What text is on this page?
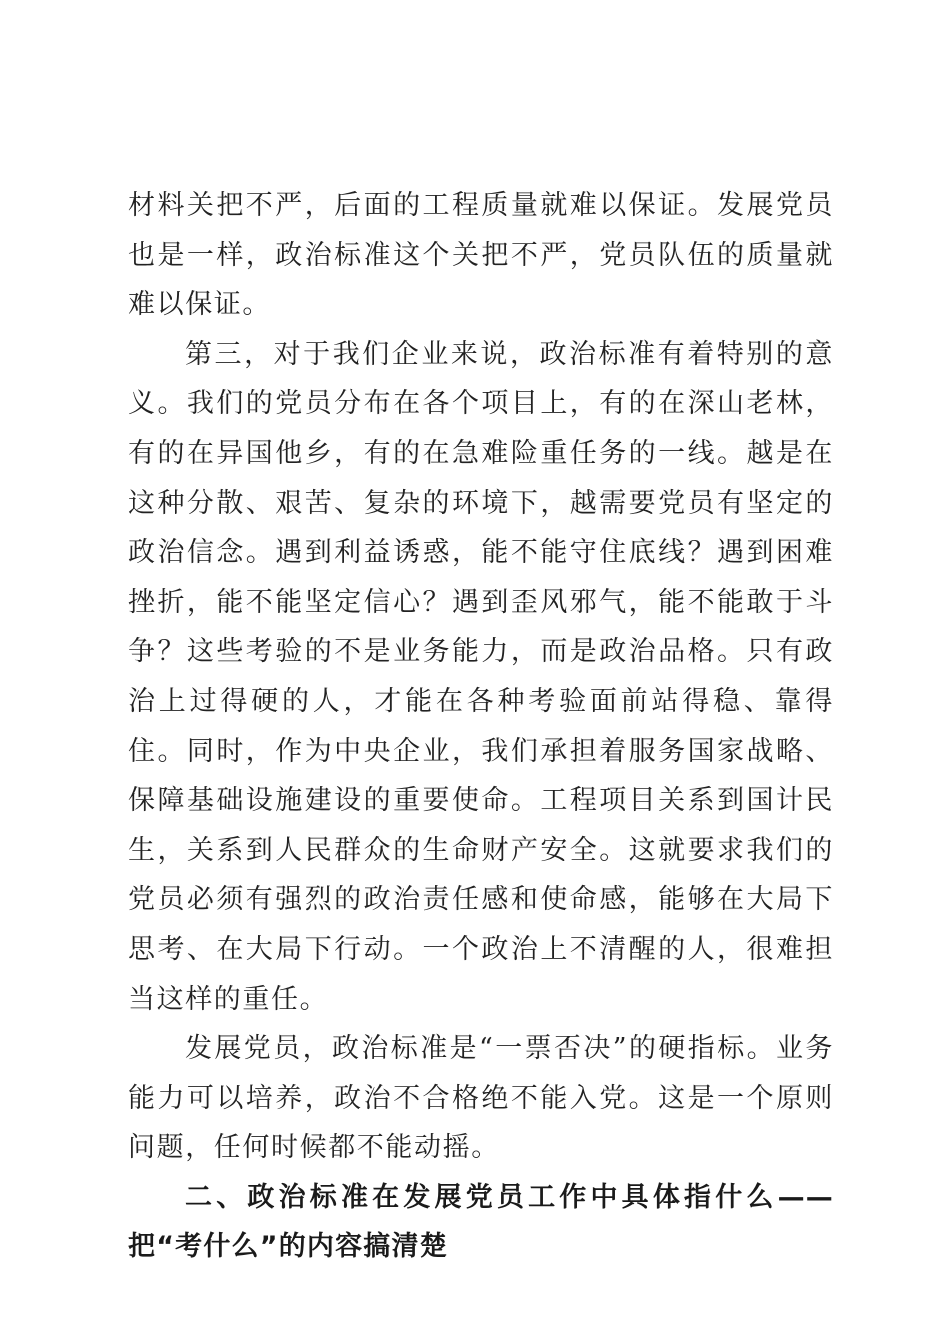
材料关把不严，后面的工程质量就难以保证。发展党员也是一样，政治标准这个关把不严，党员队伍的质量就难以保证。

第三，对于我们企业来说，政治标准有着特别的意义。我们的党员分布在各个项目上，有的在深山老林，有的在异国他乡，有的在急难险重任务的一线。越是在这种分散、艰苦、复杂的环境下，越需要党员有坚定的政治信念。遇到利益诱惑，能不能守住底线？遇到困难挫折，能不能坚定信心？遇到歪风邪气，能不能敢于斗争？这些考验的不是业务能力，而是政治品格。只有政治上过得硬的人，才能在各种考验面前站得稳、靠得住。同时，作为中央企业，我们承担着服务国家战略、保障基础设施建设的重要使命。工程项目关系到国计民生，关系到人民群众的生命财产安全。这就要求我们的党员必须有强烈的政治责任感和使命感，能够在大局下思考、在大局下行动。一个政治上不清醒的人，很难担当这样的重任。

发展党员，政治标准是“一票否决”的硬指标。业务能力可以培养，政治不合格绝不能入党。这是一个原则问题，任何时候都不能动摇。

二、政治标准在发展党员工作中具体指什么——把“考什么”的内容搞清楚
